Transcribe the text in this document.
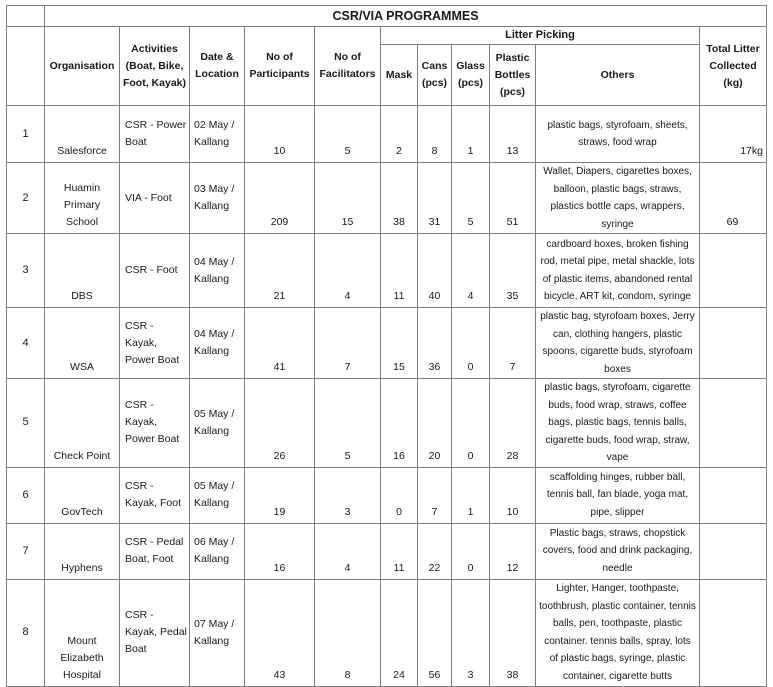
	CSR/VIA PROGRAMMES										
	Organisation	Activities (Boat, Bike, Foot, Kayak)	Date & Location	No of Participants	No of Facilitators	Litter Picking					Total Litter Collected (kg)
						Mask	Cans (pcs)	Glass (pcs)	Plastic Bottles (pcs)	Others	
1	Salesforce	CSR - Power Boat	02 May / Kallang	10	5	2	8	1	13	plastic bags, styrofoam, sheets, straws, food wrap	17kg
2	Huamin Primary School	VIA - Foot	03 May / Kallang	209	15	38	31	5	51	Wallet, Diapers, cigarettes boxes, balloon, plastic bags, straws, plastics bottle caps, wrappers, syringe	69
3	DBS	CSR - Foot	04 May / Kallang	21	4	11	40	4	35	cardboard boxes, broken fishing rod, metal pipe, metal shackle, lots of plastic items, abandoned rental bicycle, ART kit, condom, syringe	
4	WSA	CSR - Kayak, Power Boat	04 May / Kallang	41	7	15	36	0	7	plastic bag, styrofoam boxes, Jerry can, clothing hangers, plastic spoons, cigarette buds, styrofoam boxes	
5	Check Point	CSR - Kayak, Power Boat	05 May / Kallang	26	5	16	20	0	28	plastic bags, styrofoam, cigarette buds, food wrap, straws, coffee bags, plastic bags, tennis balls, cigarette buds, food wrap, straw, vape	
6	GovTech	CSR - Kayak, Foot	05 May / Kallang	19	3	0	7	1	10	scaffolding hinges, rubber ball, tennis ball, fan blade, yoga mat, pipe, slipper	
7	Hyphens	CSR - Pedal Boat, Foot	06 May / Kallang	16	4	11	22	0	12	Plastic bags, straws, chopstick covers, food and drink packaging, needle	
8	Mount Elizabeth Hospital	CSR - Kayak, Pedal Boat	07 May / Kallang	43	8	24	56	3	38	Lighter, Hanger, toothpaste, toothbrush, plastic container, tennis balls, pen, toothpaste, plastic container. tennis balls, spray, lots of plastic bags, syringe, plastic container, cigarette butts	
